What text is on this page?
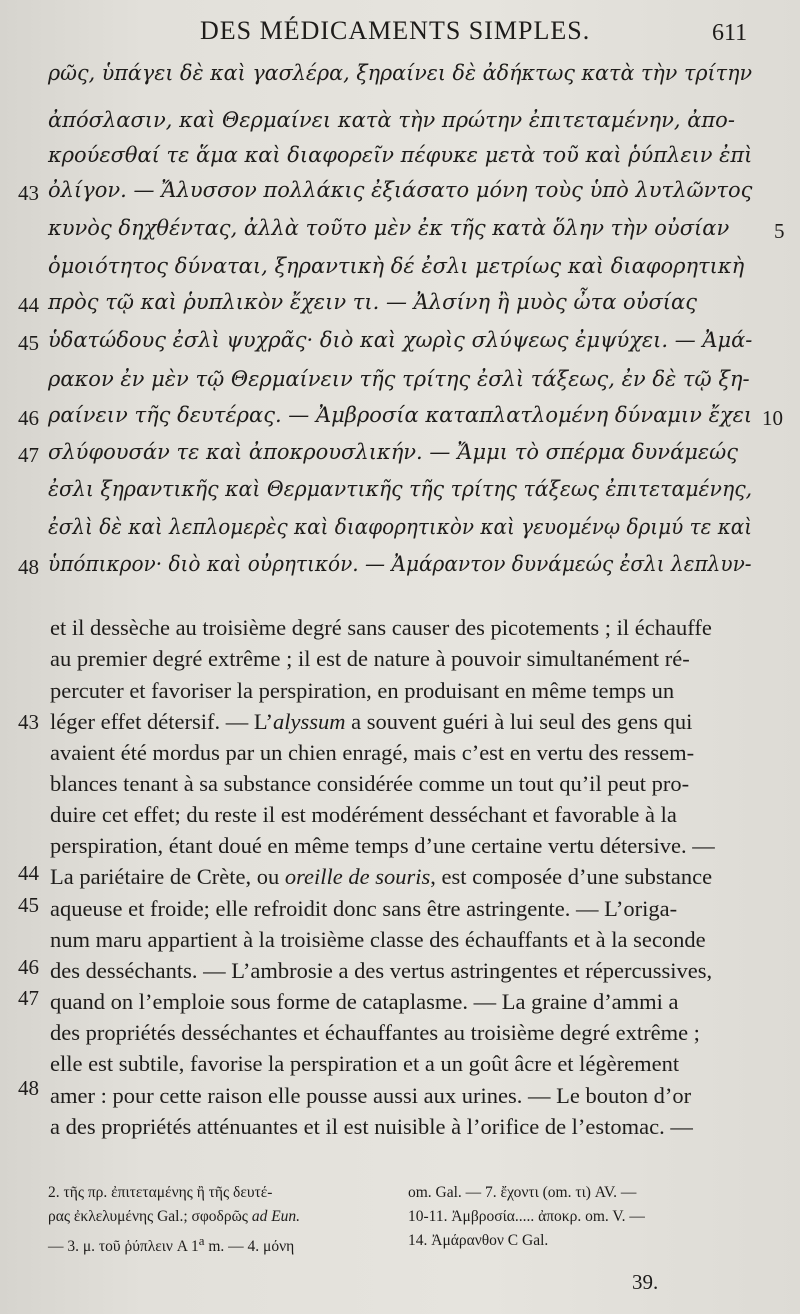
DES MÉDICAMENTS SIMPLES.	611
ρῶς, ὑπάγει δὲ καὶ γασλέρα, ξηραίνει δὲ ἀδήκτως κατὰ τὴν τρίτην
ἀπόσλασιν, καὶ Θερμαίνει κατὰ τὴν πρώτην ἐπιτεταμένην, ἀπο-
κρούεσθαί τε ἅμα καὶ διαφορεῖν πέφυκε μετὰ τοῦ καὶ ῥύπλειν ἐπὶ
ὀλίγον. — Ἄλυσσον πολλάκις ἐξιάσατο μόνη τοὺς ὑπὸ λυτλῶντος
κυνὸς δηχθέντας, ἀλλὰ τοῦτο μὲν ἐκ τῆς κατὰ ὅλην τὴν οὐσίαν
ὁμοιότητος δύναται, ξηραντικὴ δέ ἐσλι μετρίως καὶ διαφορητικὴ
πρὸς τῷ καὶ ῥυπλικὸν ἔχειν τι. — Ἀλσίνη ἢ μυὸς ὦτα οὐσίας
ὑδατώδους ἐσλὶ ψυχρᾶς· διὸ καὶ χωρὶς σλύψεως ἐμψύχει. — Ἀμά-
ρακον ἐν μὲν τῷ Θερμαίνειν τῆς τρίτης ἐσλὶ τάξεως, ἐν δὲ τῷ ξη-
ραίνειν τῆς δευτέρας. — Ἀμβροσία καταπλατλομένη δύναμιν ἔχει
σλύφουσάν τε καὶ ἀποκρουσλικήν. — Ἄμμι τὸ σπέρμα δυνάμεώς
ἐσλι ξηραντικῆς καὶ Θερμαντικῆς τῆς τρίτης τάξεως ἐπιτεταμένης,
ἐσλὶ δὲ καὶ λεπλομερὲς καὶ διαφορητικὸν καὶ γευομένῳ δριμύ τε καὶ
ὑπόπικρον· διὸ καὶ οὐρητικόν. — Ἀμάραντον δυνάμεώς ἐσλι λεπλυν-
43
44
45
46
47
48
5
10
et il dessèche au troisième degré sans causer des picotements ; il échauffe
au premier degré extrême ; il est de nature à pouvoir simultanément ré-
percuter et favoriser la perspiration, en produisant en même temps un
léger effet détersif. — L’alyssum a souvent guéri à lui seul des gens qui
avaient été mordus par un chien enragé, mais c’est en vertu des ressem-
blances tenant à sa substance considérée comme un tout qu’il peut pro-
duire cet effet; du reste il est modérément desséchant et favorable à la
perspiration, étant doué en même temps d’une certaine vertu détersive. —
La pariétaire de Crète, ou oreille de souris, est composée d’une substance
aqueuse et froide; elle refroidit donc sans être astringente. — L’origa-
num maru appartient à la troisième classe des échauffants et à la seconde
des desséchants. — L’ambrosie a des vertus astringentes et répercussives,
quand on l’emploie sous forme de cataplasme. — La graine d’ammi a
des propriétés desséchantes et échauffantes au troisième degré extrême ;
elle est subtile, favorise la perspiration et a un goût âcre et légèrement
amer : pour cette raison elle pousse aussi aux urines. — Le bouton d’or
a des propriétés atténuantes et il est nuisible à l’orifice de l’estomac. —
43
44
45
46
47
48
2. τῆς πρ. ἐπιτεταμένης ἢ τῆς δευτέ-
ρας ἐκλελυμένης Gal.; σφοδρῶς ad Eun.
— 3. μ. τοῦ ῥύπλειν A 1$^a$ m. — 4. μόνη
om. Gal. — 7. ἔχοντι (om. τι) AV. —
10-11. Ἀμβροσία..... ἀποκρ. om. V. —
14. Ἀμάρανθον C Gal.
39.
